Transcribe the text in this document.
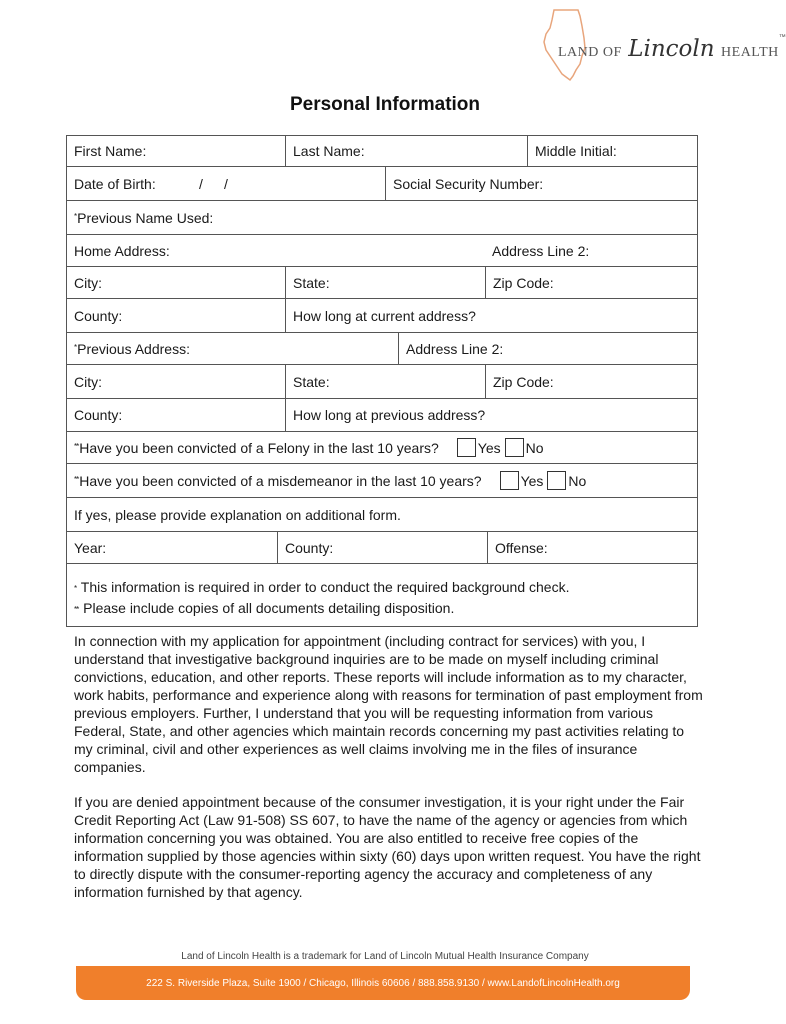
LAND OF Lincoln HEALTH™
Personal Information
First Name:	Last Name:	Middle Initial:
Date of Birth:	/ /	Social Security Number:
* Previous Name Used:
Home Address:	Address Line 2:
City:	State:	Zip Code:
County:	How long at current address?
* Previous Address:	Address Line 2:
City:	State:	Zip Code:
County:	How long at previous address?
** Have you been convicted of a Felony in the last 10 years?	Yes No
** Have you been convicted of a misdemeanor in the last 10 years?	Yes No
If yes, please provide explanation on additional form.
Year:	County:	Offense:
* This information is required in order to conduct the required background check.
** Please include copies of all documents detailing disposition.

In connection with my application for appointment (including contract for services) with you, I understand that investigative background inquiries are to be made on myself including criminal convictions, education, and other reports. These reports will include information as to my character, work habits, performance and experience along with reasons for termination of past employment from previous employers. Further, I understand that you will be requesting information from various Federal, State, and other agencies which maintain records concerning my past activities relating to my criminal, civil and other experiences as well claims involving me in the files of insurance companies.

If you are denied appointment because of the consumer investigation, it is your right under the Fair Credit Reporting Act (Law 91-508) SS 607, to have the name of the agency or agencies from which information concerning you was obtained. You are also entitled to receive free copies of the information supplied by those agencies within sixty (60) days upon written request. You have the right to directly dispute with the consumer-reporting agency the accuracy and completeness of any information furnished by that agency.

Land of Lincoln Health is a trademark for Land of Lincoln Mutual Health Insurance Company
222 S. Riverside Plaza, Suite 1900 / Chicago, Illinois 60606 / 888.858.9130 / www.LandofLincolnHealth.org
